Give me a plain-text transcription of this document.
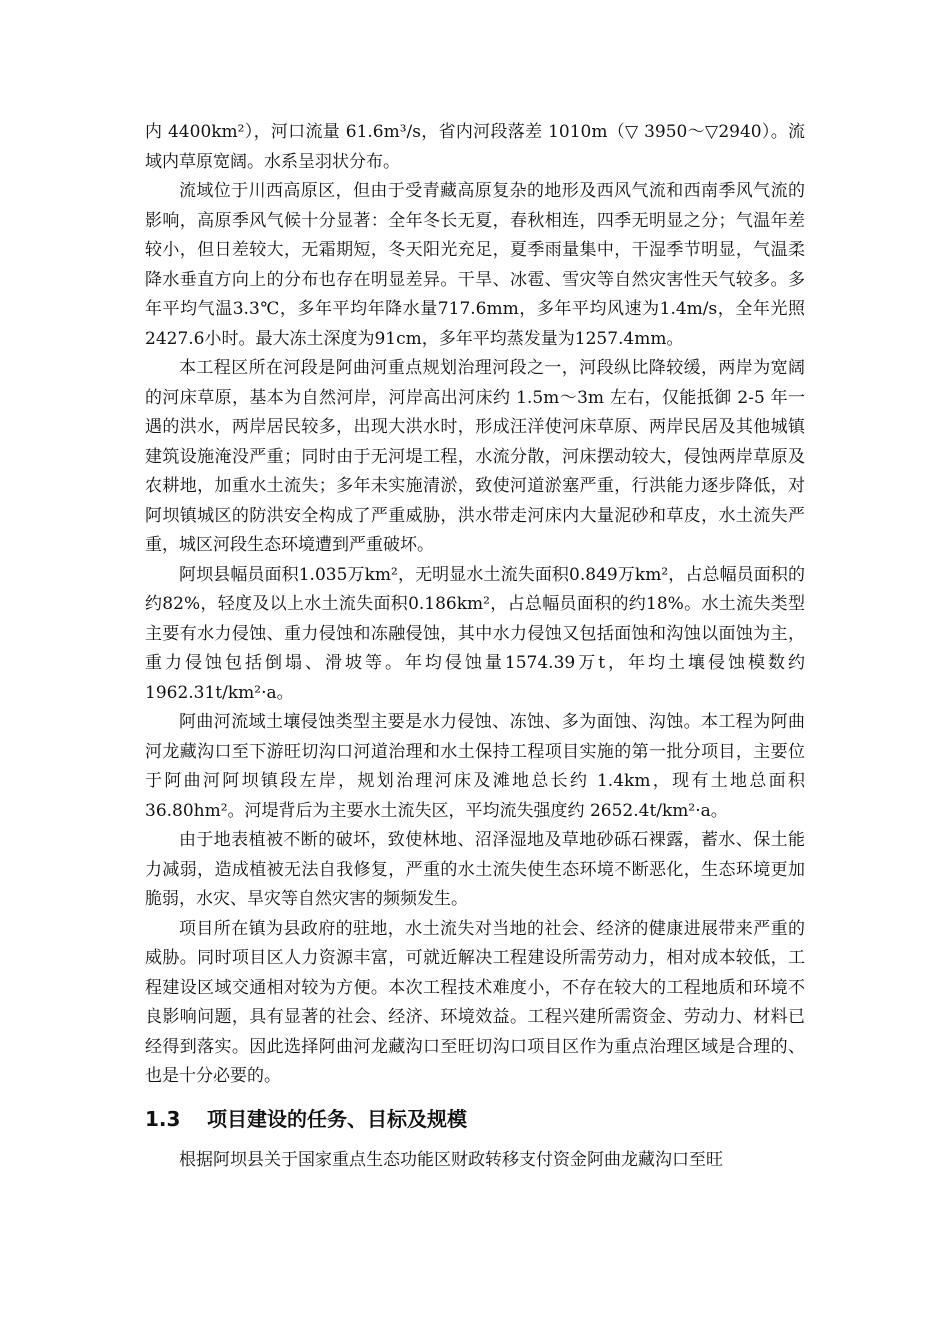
内 4400km²），河口流量 61.6m³/s，省内河段落差 1010m（▽ 3950～▽2940）。流域内草原宽阔。水系呈羽状分布。

流域位于川西高原区，但由于受青藏高原复杂的地形及西风气流和西南季风气流的影响，高原季风气候十分显著：全年冬长无夏，春秋相连，四季无明显之分；气温年差较小，但日差较大，无霜期短，冬天阳光充足，夏季雨量集中，干湿季节明显，气温柔降水垂直方向上的分布也存在明显差异。干旱、冰雹、雪灾等自然灾害性天气较多。多年平均气温3.3℃，多年平均年降水量717.6mm，多年平均风速为1.4m/s，全年光照2427.6小时。最大冻土深度为91cm，多年平均蒸发量为1257.4mm。

本工程区所在河段是阿曲河重点规划治理河段之一，河段纵比降较缓，两岸为宽阔的河床草原，基本为自然河岸，河岸高出河床约 1.5m～3m 左右，仅能抵御 2-5 年一遇的洪水，两岸居民较多，出现大洪水时，形成汪洋使河床草原、两岸民居及其他城镇建筑设施淹没严重；同时由于无河堤工程，水流分散，河床摆动较大，侵蚀两岸草原及农耕地，加重水土流失；多年未实施清淤，致使河道淤塞严重，行洪能力逐步降低，对阿坝镇城区的防洪安全构成了严重威胁，洪水带走河床内大量泥砂和草皮，水土流失严重，城区河段生态环境遭到严重破坏。

阿坝县幅员面积1.035万km²，无明显水土流失面积0.849万km²，占总幅员面积的约82%，轻度及以上水土流失面积0.186km²，占总幅员面积的约18%。水土流失类型主要有水力侵蚀、重力侵蚀和冻融侵蚀，其中水力侵蚀又包括面蚀和沟蚀以面蚀为主，重力侵蚀包括倒塌、滑坡等。年均侵蚀量1574.39万t，年均土壤侵蚀模数约1962.31t/km²·a。

阿曲河流域土壤侵蚀类型主要是水力侵蚀、冻蚀、多为面蚀、沟蚀。本工程为阿曲河龙藏沟口至下游旺切沟口河道治理和水土保持工程项目实施的第一批分项目，主要位于阿曲河阿坝镇段左岸，规划治理河床及滩地总长约 1.4km，现有土地总面积 36.80hm²。河堤背后为主要水土流失区，平均流失强度约 2652.4t/km²·a。

由于地表植被不断的破坏，致使林地、沼泽湿地及草地砂砾石裸露，蓄水、保土能力减弱，造成植被无法自我修复，严重的水土流失使生态环境不断恶化，生态环境更加脆弱，水灾、旱灾等自然灾害的频频发生。

项目所在镇为县政府的驻地，水土流失对当地的社会、经济的健康进展带来严重的威胁。同时项目区人力资源丰富，可就近解决工程建设所需劳动力，相对成本较低，工程建设区域交通相对较为方便。本次工程技术难度小，不存在较大的工程地质和环境不良影响问题，具有显著的社会、经济、环境效益。工程兴建所需资金、劳动力、材料已经得到落实。因此选择阿曲河龙藏沟口至旺切沟口项目区作为重点治理区域是合理的、也是十分必要的。

1.3 项目建设的任务、目标及规模

根据阿坝县关于国家重点生态功能区财政转移支付资金阿曲龙藏沟口至旺
